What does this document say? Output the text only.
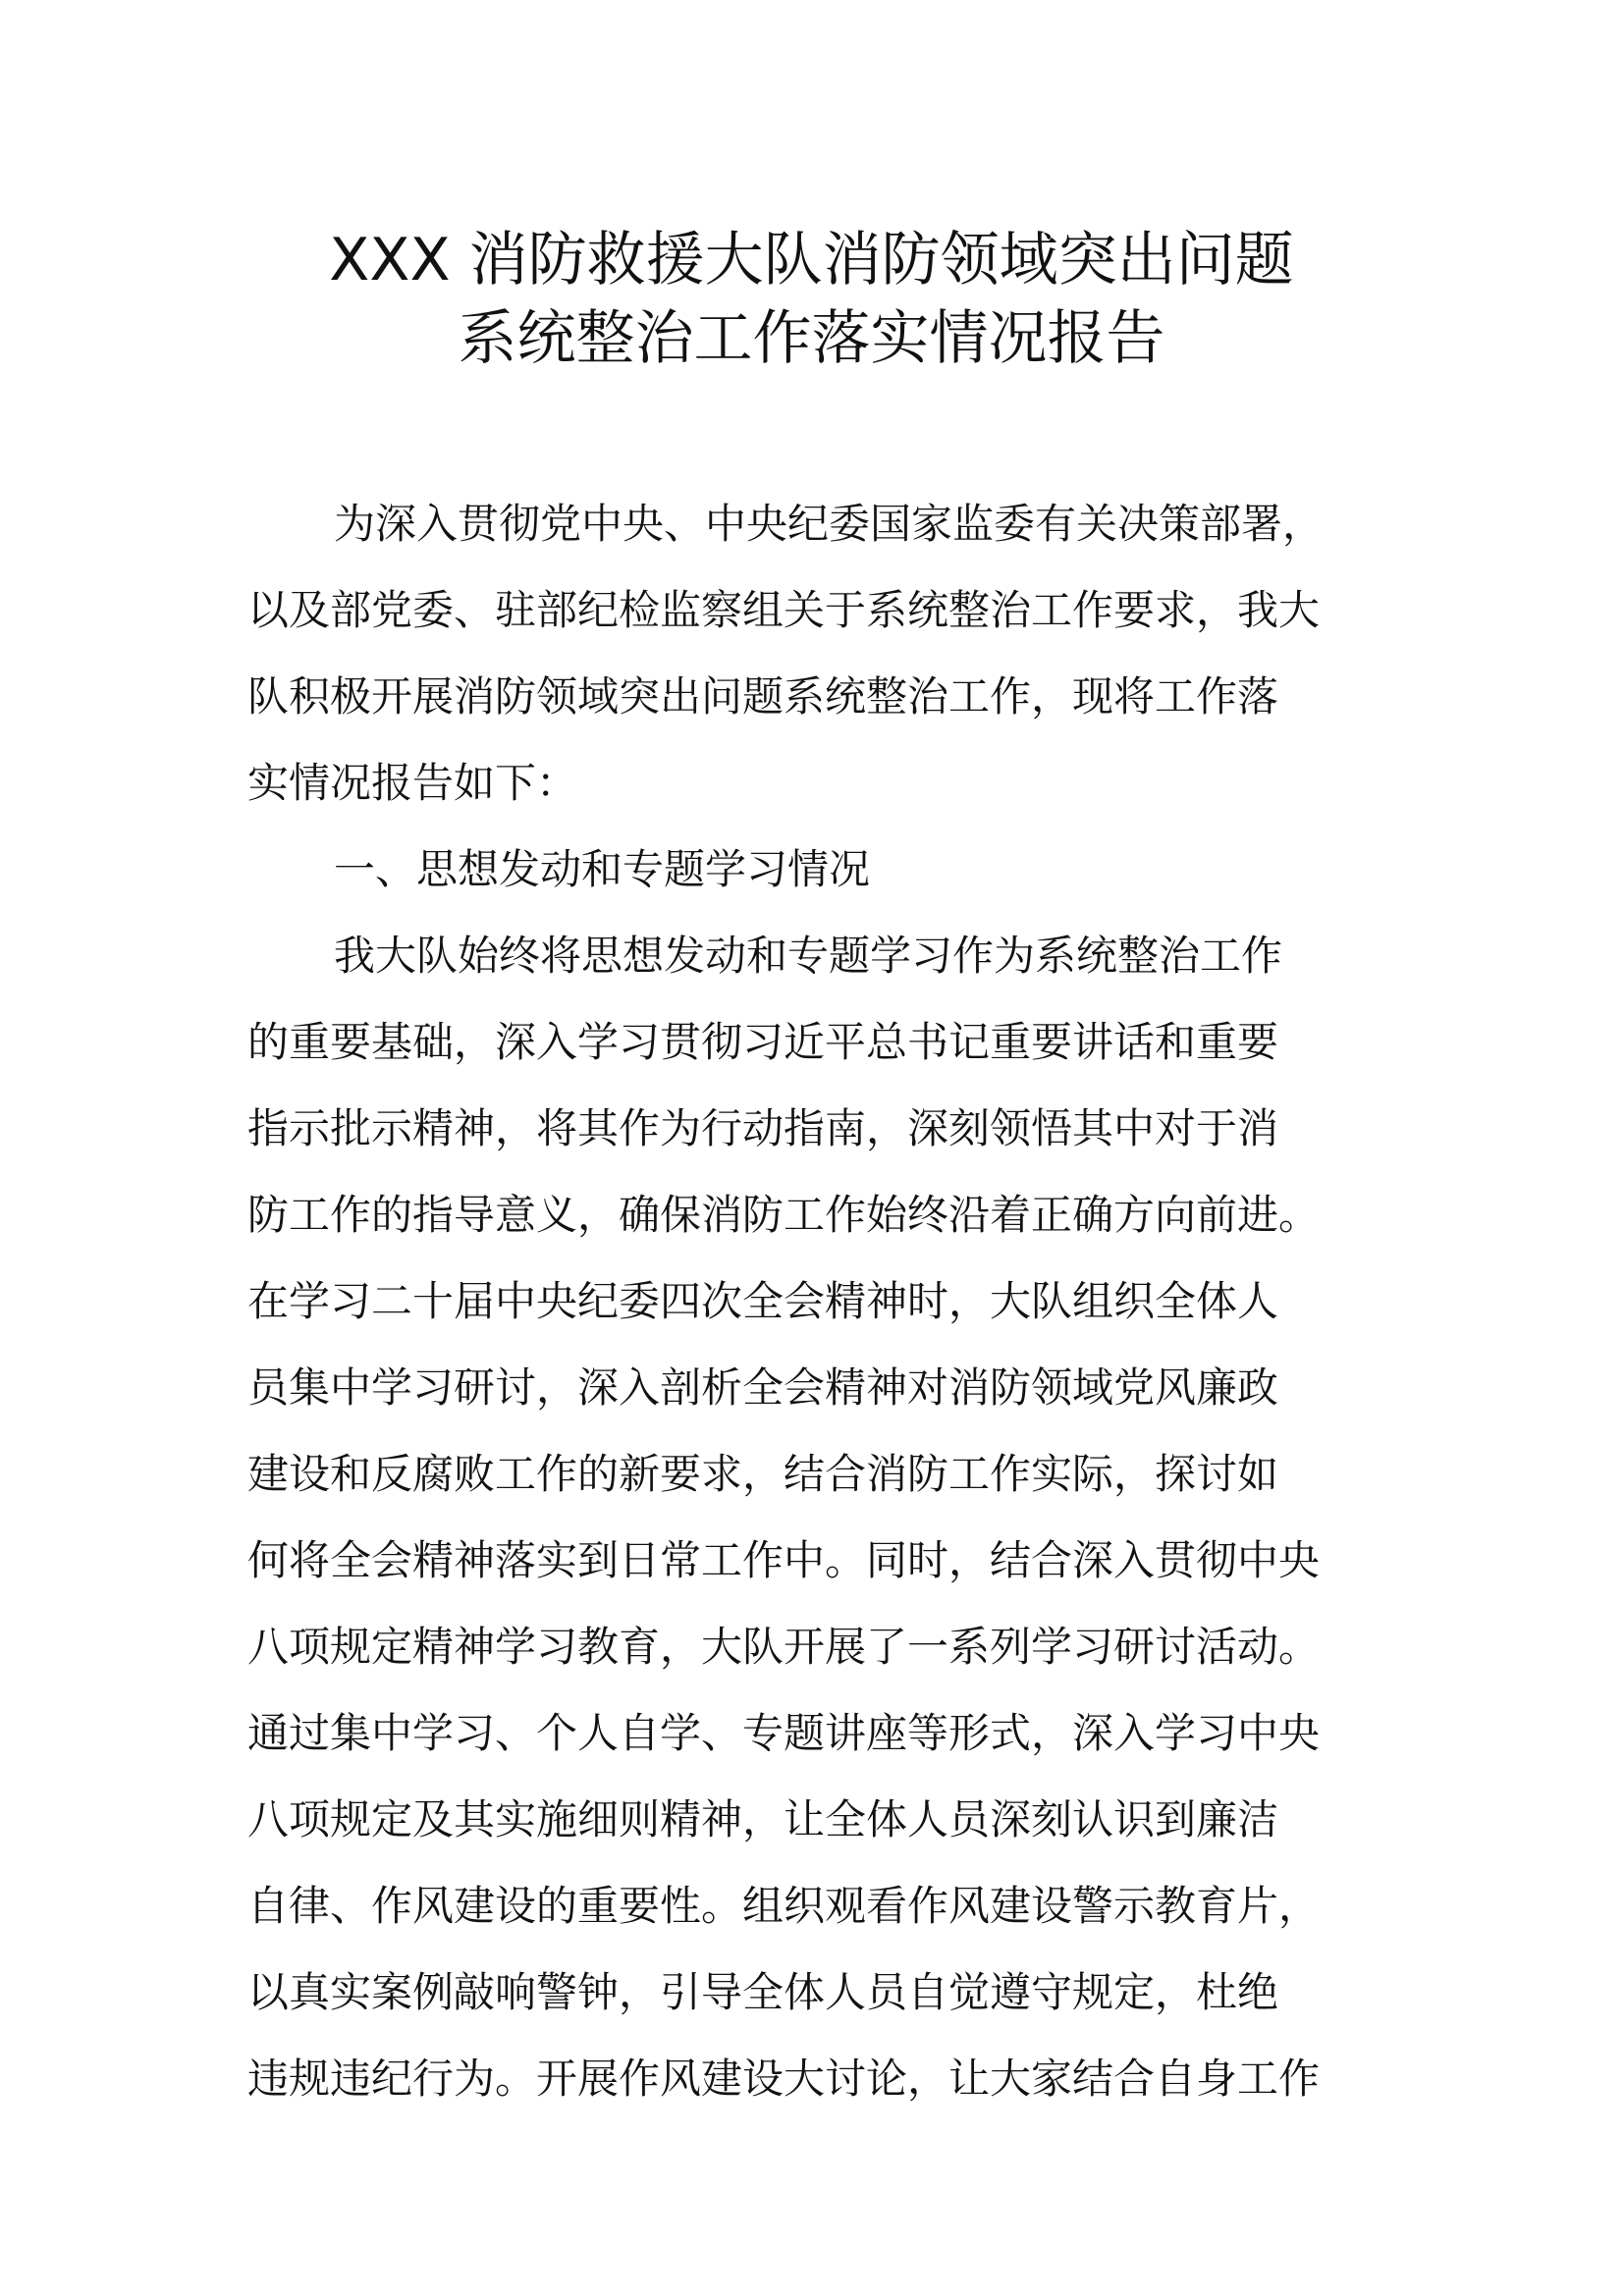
XXX 消防救援大队消防领域突出问题
系统整治工作落实情况报告
为深入贯彻党中央、中央纪委国家监委有关决策部署，
以及部党委、驻部纪检监察组关于系统整治工作要求，我大
队积极开展消防领域突出问题系统整治工作，现将工作落
实情况报告如下：
一、思想发动和专题学习情况
我大队始终将思想发动和专题学习作为系统整治工作
的重要基础，深入学习贯彻习近平总书记重要讲话和重要
指示批示精神，将其作为行动指南，深刻领悟其中对于消
防工作的指导意义，确保消防工作始终沿着正确方向前进。
在学习二十届中央纪委四次全会精神时，大队组织全体人
员集中学习研讨，深入剖析全会精神对消防领域党风廉政
建设和反腐败工作的新要求，结合消防工作实际，探讨如
何将全会精神落实到日常工作中。同时，结合深入贯彻中央
八项规定精神学习教育，大队开展了一系列学习研讨活动。
通过集中学习、个人自学、专题讲座等形式，深入学习中央
八项规定及其实施细则精神，让全体人员深刻认识到廉洁
自律、作风建设的重要性。组织观看作风建设警示教育片，
以真实案例敲响警钟，引导全体人员自觉遵守规定，杜绝
违规违纪行为。开展作风建设大讨论，让大家结合自身工作
